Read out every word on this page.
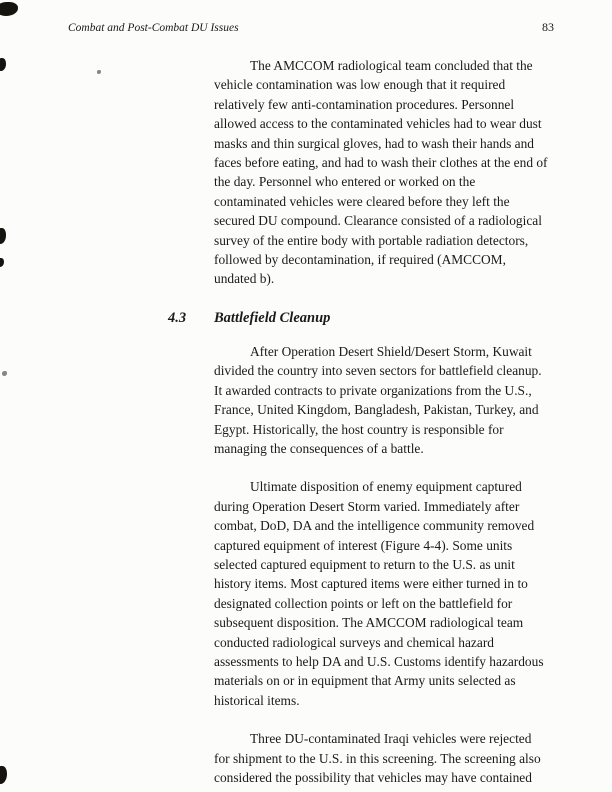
Combat and Post-Combat DU Issues	83

The AMCCOM radiological team concluded that the vehicle contamination was low enough that it required relatively few anti-contamination procedures. Personnel allowed access to the contaminated vehicles had to wear dust masks and thin surgical gloves, had to wash their hands and faces before eating, and had to wash their clothes at the end of the day. Personnel who entered or worked on the contaminated vehicles were cleared before they left the secured DU compound. Clearance consisted of a radiological survey of the entire body with portable radiation detectors, followed by decontamination, if required (AMCCOM, undated b).

4.3	Battlefield Cleanup

After Operation Desert Shield/Desert Storm, Kuwait divided the country into seven sectors for battlefield cleanup. It awarded contracts to private organizations from the U.S., France, United Kingdom, Bangladesh, Pakistan, Turkey, and Egypt. Historically, the host country is responsible for managing the consequences of a battle.

Ultimate disposition of enemy equipment captured during Operation Desert Storm varied. Immediately after combat, DoD, DA and the intelligence community removed captured equipment of interest (Figure 4-4). Some units selected captured equipment to return to the U.S. as unit history items. Most captured items were either turned in to designated collection points or left on the battlefield for subsequent disposition. The AMCCOM radiological team conducted radiological surveys and chemical hazard assessments to help DA and U.S. Customs identify hazardous materials on or in equipment that Army units selected as historical items.

Three DU-contaminated Iraqi vehicles were rejected for shipment to the U.S. in this screening. The screening also considered the possibility that vehicles may have contained
